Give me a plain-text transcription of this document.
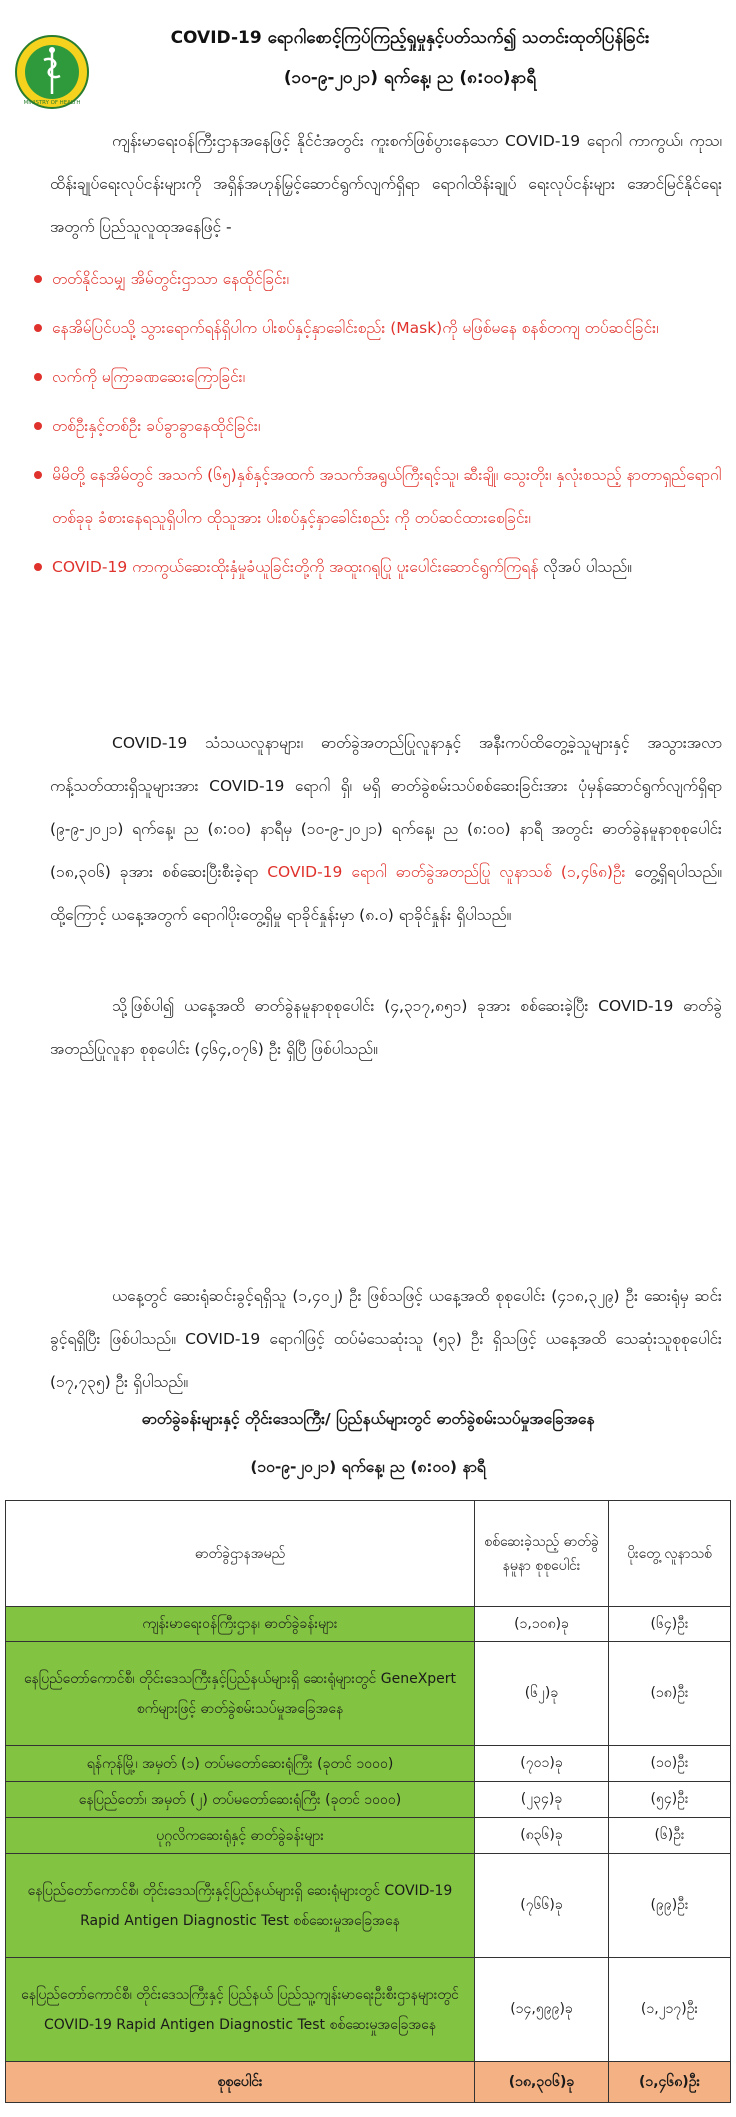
MINISTRY OF HEALTH
COVID-19 ရောဂါစောင့်ကြပ်ကြည့်ရှုမှုနှင့်ပတ်သက်၍ သတင်းထုတ်ပြန်ခြင်း
(၁၀-၉-၂၀၂၁) ရက်နေ့၊ ည (၈:၀၀)နာရီ

ကျန်းမာရေးဝန်ကြီးဌာနအနေဖြင့် နိုင်ငံအတွင်း ကူးစက်ဖြစ်ပွားနေသော COVID-19 ရောဂါ ကာကွယ်၊ ကုသ၊ ထိန်းချုပ်ရေးလုပ်ငန်းများကို အရှိန်အဟုန်မြှင့်ဆောင်ရွက်လျက်ရှိရာ ရောဂါထိန်းချုပ် ရေးလုပ်ငန်းများ အောင်မြင်နိုင်ရေးအတွက် ပြည်သူလူထုအနေဖြင့် -

တတ်နိုင်သမျှ အိမ်တွင်းဌာသာ နေထိုင်ခြင်း၊
နေအိမ်ပြင်ပသို့ သွားရောက်ရန်ရှိပါက ပါးစပ်နှင့်နှာခေါင်းစည်း (Mask)ကို မဖြစ်မနေ စနစ်တကျ တပ်ဆင်ခြင်း၊
လက်ကို မကြာခဏဆေးကြောခြင်း၊
တစ်ဦးနှင့်တစ်ဦး ခပ်ခွာခွာနေထိုင်ခြင်း၊
မိမိတို့ နေအိမ်တွင် အသက် (၆၅)နှစ်နှင့်အထက် အသက်အရွယ်ကြီးရင့်သူ၊ ဆီးချို၊ သွေးတိုး၊ နှလုံးစသည့် နာတာရှည်ရောဂါတစ်ခုခု ခံစားနေရသူရှိပါက ထိုသူအား ပါးစပ်နှင့်နှာခေါင်းစည်း ကို တပ်ဆင်ထားစေခြင်း၊
COVID-19 ကာကွယ်ဆေးထိုးနှံမှုခံယူခြင်းတို့ကို အထူးဂရုပြု ပူးပေါင်းဆောင်ရွက်ကြရန် လိုအပ် ပါသည်။

COVID-19 သံသယလူနာများ၊ ဓာတ်ခွဲအတည်ပြုလူနာနှင့် အနီးကပ်ထိတွေ့ခဲ့သူများနှင့် အသွားအလာကန့်သတ်ထားရှိသူများအား COVID-19 ရောဂါ ရှိ၊ မရှိ ဓာတ်ခွဲစမ်းသပ်စစ်ဆေးခြင်းအား ပုံမှန်ဆောင်ရွက်လျက်ရှိရာ (၉-၉-၂၀၂၁) ရက်နေ့၊ ည (၈:၀၀) နာရီမှ (၁၀-၉-၂၀၂၁) ရက်နေ့၊ ည (၈:၀၀) နာရီ အတွင်း ဓာတ်ခွဲနမူနာစုစုပေါင်း (၁၈,၃၀၆) ခုအား စစ်ဆေးပြီးစီးခဲ့ရာ COVID-19 ရောဂါ ဓာတ်ခွဲအတည်ပြု လူနာသစ် (၁,၄၆၈)ဦး တွေ့ရှိရပါသည်။ ထို့ကြောင့် ယနေ့အတွက် ရောဂါပိုးတွေ့ရှိမှု ရာခိုင်နှုန်းမှာ (၈.၀) ရာခိုင်နှုန်း ရှိပါသည်။

သို့ဖြစ်ပါ၍ ယနေ့အထိ ဓာတ်ခွဲနမူနာစုစုပေါင်း (၄,၃၁၇,၈၅၁) ခုအား စစ်ဆေးခဲ့ပြီး COVID-19 ဓာတ်ခွဲ အတည်ပြုလူနာ စုစုပေါင်း (၄၆၄,၀၇၆) ဦး ရှိပြီ ဖြစ်ပါသည်။

ယနေ့တွင် ဆေးရုံဆင်းခွင့်ရရှိသူ (၁,၄၀၂) ဦး ဖြစ်သဖြင့် ယနေ့အထိ စုစုပေါင်း (၄၁၈,၃၂၉) ဦး ဆေးရုံမှ ဆင်းခွင့်ရရှိပြီး ဖြစ်ပါသည်။ COVID-19 ရောဂါဖြင့် ထပ်မံသေဆုံးသူ (၅၃) ဦး ရှိသဖြင့် ယနေ့အထိ သေဆုံးသူစုစုပေါင်း (၁၇,၇၃၅) ဦး ရှိပါသည်။

ဓာတ်ခွဲခန်းများနှင့် တိုင်းဒေသကြီး/ ပြည်နယ်များတွင် ဓာတ်ခွဲစမ်းသပ်မှုအခြေအနေ
(၁၀-၉-၂၀၂၁) ရက်နေ့၊ ည (၈:၀၀) နာရီ
ဓာတ်ခွဲဌာနအမည်	စစ်ဆေးခဲ့သည့် ဓာတ်ခွဲနမူနာ စုစုပေါင်း	ပိုးတွေ့ လူနာသစ်
ကျန်းမာရေးဝန်ကြီးဌာန၊ ဓာတ်ခွဲခန်းများ	(၁,၁၀၈)ခု	(၆၄)ဦး
နေပြည်တော်ကောင်စီ၊ တိုင်းဒေသကြီးနှင့်ပြည်နယ်များရှိ ဆေးရုံများတွင် GeneXpert စက်များဖြင့် ဓာတ်ခွဲစမ်းသပ်မှုအခြေအနေ	(၆၂)ခု	(၁၈)ဦး
ရန်ကုန်မြို့၊ အမှတ် (၁) တပ်မတော်ဆေးရုံကြီး (ခုတင် ၁၀၀၀)	(၇၀၁)ခု	(၁၀)ဦး
နေပြည်တော်၊ အမှတ် (၂) တပ်မတော်ဆေးရုံကြီး (ခုတင် ၁၀၀၀)	(၂၃၄)ခု	(၅၄)ဦး
ပုဂ္ဂလိကဆေးရုံနှင့် ဓာတ်ခွဲခန်းများ	(၈၃၆)ခု	(၆)ဦး
နေပြည်တော်ကောင်စီ၊ တိုင်းဒေသကြီးနှင့်ပြည်နယ်များရှိ ဆေးရုံများတွင် COVID-19 Rapid Antigen Diagnostic Test စစ်ဆေးမှုအခြေအနေ	(၇၆၆)ခု	(၉၉)ဦး
နေပြည်တော်ကောင်စီ၊ တိုင်းဒေသကြီးနှင့် ပြည်နယ် ပြည်သူ့ကျန်းမာရေးဦးစီးဌာနများတွင် COVID-19 Rapid Antigen Diagnostic Test စစ်ဆေးမှုအခြေအနေ	(၁၄,၅၉၉)ခု	(၁,၂၁၇)ဦး
စုစုပေါင်း	(၁၈,၃၀၆)ခု	(၁,၄၆၈)ဦး
